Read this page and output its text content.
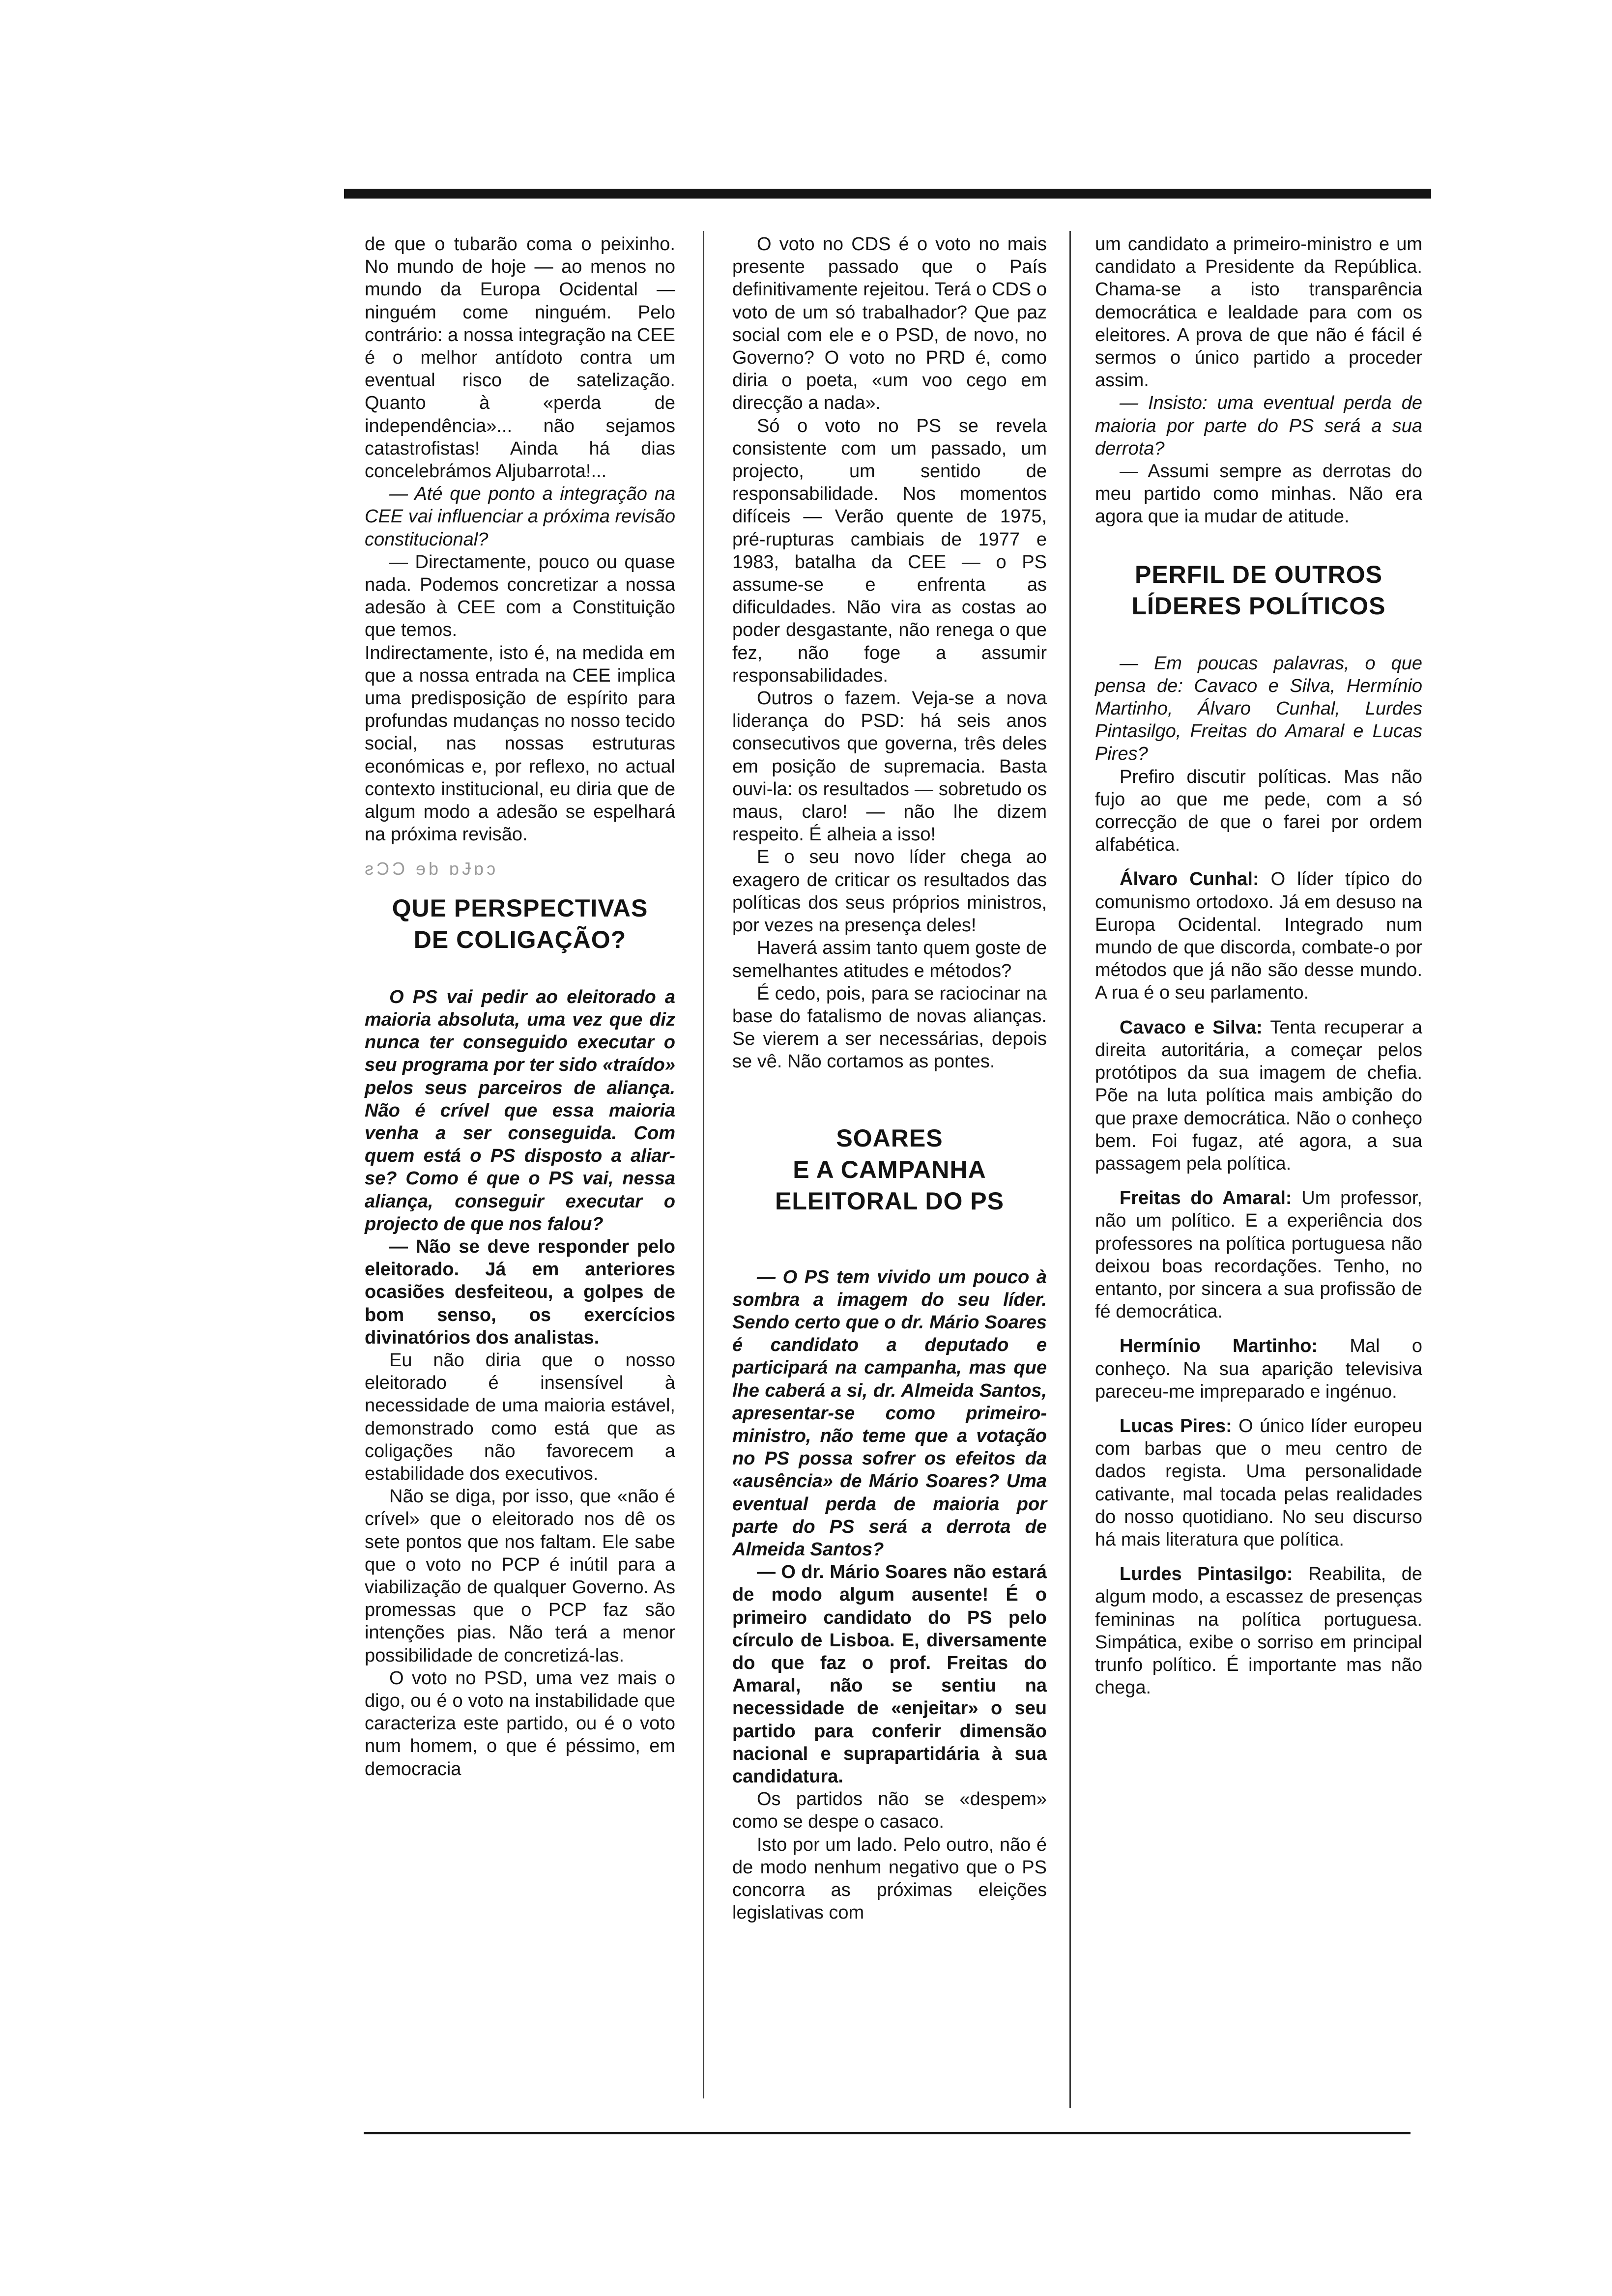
de que o tubarão coma o peixinho. No mundo de hoje — ao menos no mundo da Europa Ocidental — ninguém come ninguém. Pelo contrário: a nossa integração na CEE é o melhor antídoto contra um eventual risco de satelização. Quanto à «perda de independência»... não sejamos catastrofistas! Ainda há dias concelebrámos Aljubarrota!...

— Até que ponto a integração na CEE vai influenciar a próxima revisão constitucional?

— Directamente, pouco ou quase nada. Podemos concretizar a nossa adesão à CEE com a Constituição que temos.

Indirectamente, isto é, na medida em que a nossa entrada na CEE implica uma predisposição de espírito para profundas mudanças no nosso tecido social, nas nossas estruturas económicas e, por reflexo, no actual contexto institucional, eu diria que de algum modo a adesão se espelhará na próxima revisão.

ƨƆƆ ɘb ɒɈɒɔ

QUE PERSPECTIVAS
DE COLIGAÇÃO?

O PS vai pedir ao eleitorado a maioria absoluta, uma vez que diz nunca ter conseguido executar o seu programa por ter sido «traído» pelos seus parceiros de aliança. Não é crível que essa maioria venha a ser conseguida. Com quem está o PS disposto a aliar-se? Como é que o PS vai, nessa aliança, conseguir executar o projecto de que nos falou?

— Não se deve responder pelo eleitorado. Já em anteriores ocasiões desfeiteou, a golpes de bom senso, os exercícios divinatórios dos analistas.

Eu não diria que o nosso eleitorado é insensível à necessidade de uma maioria estável, demonstrado como está que as coligações não favorecem a estabilidade dos executivos.

Não se diga, por isso, que «não é crível» que o eleitorado nos dê os sete pontos que nos faltam. Ele sabe que o voto no PCP é inútil para a viabilização de qualquer Governo. As promessas que o PCP faz são intenções pias. Não terá a menor possibilidade de concretizá-las.

O voto no PSD, uma vez mais o digo, ou é o voto na instabilidade que caracteriza este partido, ou é o voto num homem, o que é péssimo, em democracia

O voto no CDS é o voto no mais presente passado que o País definitivamente rejeitou. Terá o CDS o voto de um só trabalhador? Que paz social com ele e o PSD, de novo, no Governo? O voto no PRD é, como diria o poeta, «um voo cego em direcção a nada».

Só o voto no PS se revela consistente com um passado, um projecto, um sentido de responsabilidade. Nos momentos difíceis — Verão quente de 1975, pré-rupturas cambiais de 1977 e 1983, batalha da CEE — o PS assume-se e enfrenta as dificuldades. Não vira as costas ao poder desgastante, não renega o que fez, não foge a assumir responsabilidades.

Outros o fazem. Veja-se a nova liderança do PSD: há seis anos consecutivos que governa, três deles em posição de supremacia. Basta ouvi-la: os resultados — sobretudo os maus, claro! — não lhe dizem respeito. É alheia a isso!

E o seu novo líder chega ao exagero de criticar os resultados das políticas dos seus próprios ministros, por vezes na presença deles!

Haverá assim tanto quem goste de semelhantes atitudes e métodos?

É cedo, pois, para se raciocinar na base do fatalismo de novas alianças. Se vierem a ser necessárias, depois se vê. Não cortamos as pontes.

SOARES
E A CAMPANHA
ELEITORAL DO PS

— O PS tem vivido um pouco à sombra a imagem do seu líder. Sendo certo que o dr. Mário Soares é candidato a deputado e participará na campanha, mas que lhe caberá a si, dr. Almeida Santos, apresentar-se como primeiro-ministro, não teme que a votação no PS possa sofrer os efeitos da «ausência» de Mário Soares? Uma eventual perda de maioria por parte do PS será a derrota de Almeida Santos?

— O dr. Mário Soares não estará de modo algum ausente! É o primeiro candidato do PS pelo círculo de Lisboa. E, diversamente do que faz o prof. Freitas do Amaral, não se sentiu na necessidade de «enjeitar» o seu partido para conferir dimensão nacional e suprapartidária à sua candidatura.

Os partidos não se «despem» como se despe o casaco.

Isto por um lado. Pelo outro, não é de modo nenhum negativo que o PS concorra as próximas eleições legislativas com

um candidato a primeiro-ministro e um candidato a Presidente da República. Chama-se a isto transparência democrática e lealdade para com os eleitores. A prova de que não é fácil é sermos o único partido a proceder assim.

— Insisto: uma eventual perda de maioria por parte do PS será a sua derrota?

— Assumi sempre as derrotas do meu partido como minhas. Não era agora que ia mudar de atitude.

PERFIL DE OUTROS
LÍDERES POLÍTICOS

— Em poucas palavras, o que pensa de: Cavaco e Silva, Hermínio Martinho, Álvaro Cunhal, Lurdes Pintasilgo, Freitas do Amaral e Lucas Pires?

Prefiro discutir políticas. Mas não fujo ao que me pede, com a só correcção de que o farei por ordem alfabética.

Álvaro Cunhal: O líder típico do comunismo ortodoxo. Já em desuso na Europa Ocidental. Integrado num mundo de que discorda, combate-o por métodos que já não são desse mundo. A rua é o seu parlamento.

Cavaco e Silva: Tenta recuperar a direita autoritária, a começar pelos protótipos da sua imagem de chefia. Põe na luta política mais ambição do que praxe democrática. Não o conheço bem. Foi fugaz, até agora, a sua passagem pela política.

Freitas do Amaral: Um professor, não um político. E a experiência dos professores na política portuguesa não deixou boas recordações. Tenho, no entanto, por sincera a sua profissão de fé democrática.

Hermínio Martinho: Mal o conheço. Na sua aparição televisiva pareceu-me impreparado e ingénuo.

Lucas Pires: O único líder europeu com barbas que o meu centro de dados regista. Uma personalidade cativante, mal tocada pelas realidades do nosso quotidiano. No seu discurso há mais literatura que política.

Lurdes Pintasilgo: Reabilita, de algum modo, a escassez de presenças femininas na política portuguesa. Simpática, exibe o sorriso em principal trunfo político. É importante mas não chega.
